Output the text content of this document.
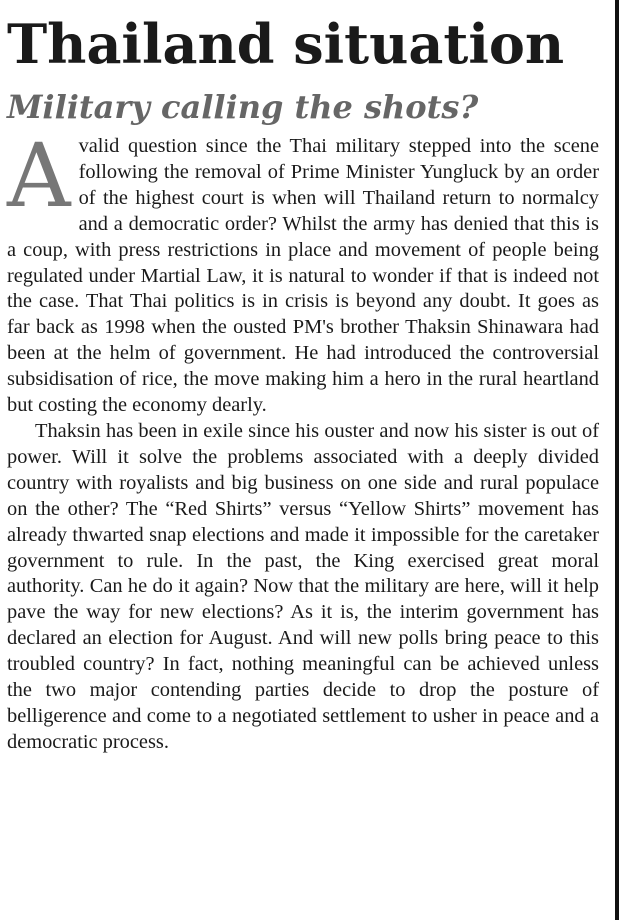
Thailand situation
Military calling the shots?

A valid question since the Thai military stepped into the scene following the removal of Prime Minister Yungluck by an order of the highest court is when will Thailand return to normalcy and a democratic order? Whilst the army has denied that this is a coup, with press restrictions in place and movement of people being regulated under Martial Law, it is natural to wonder if that is indeed not the case. That Thai politics is in crisis is beyond any doubt. It goes as far back as 1998 when the ousted PM's brother Thaksin Shinawara had been at the helm of government. He had introduced the controversial subsidisation of rice, the move making him a hero in the rural heartland but costing the economy dearly.

Thaksin has been in exile since his ouster and now his sister is out of power. Will it solve the problems associated with a deeply divided country with royalists and big business on one side and rural populace on the other? The “Red Shirts” versus “Yellow Shirts” movement has already thwarted snap elections and made it impossible for the caretaker government to rule. In the past, the King exercised great moral authority. Can he do it again? Now that the military are here, will it help pave the way for new elections? As it is, the interim government has declared an election for August. And will new polls bring peace to this troubled country? In fact, nothing meaningful can be achieved unless the two major contending parties decide to drop the posture of belligerence and come to a negotiated settlement to usher in peace and a democratic process.
